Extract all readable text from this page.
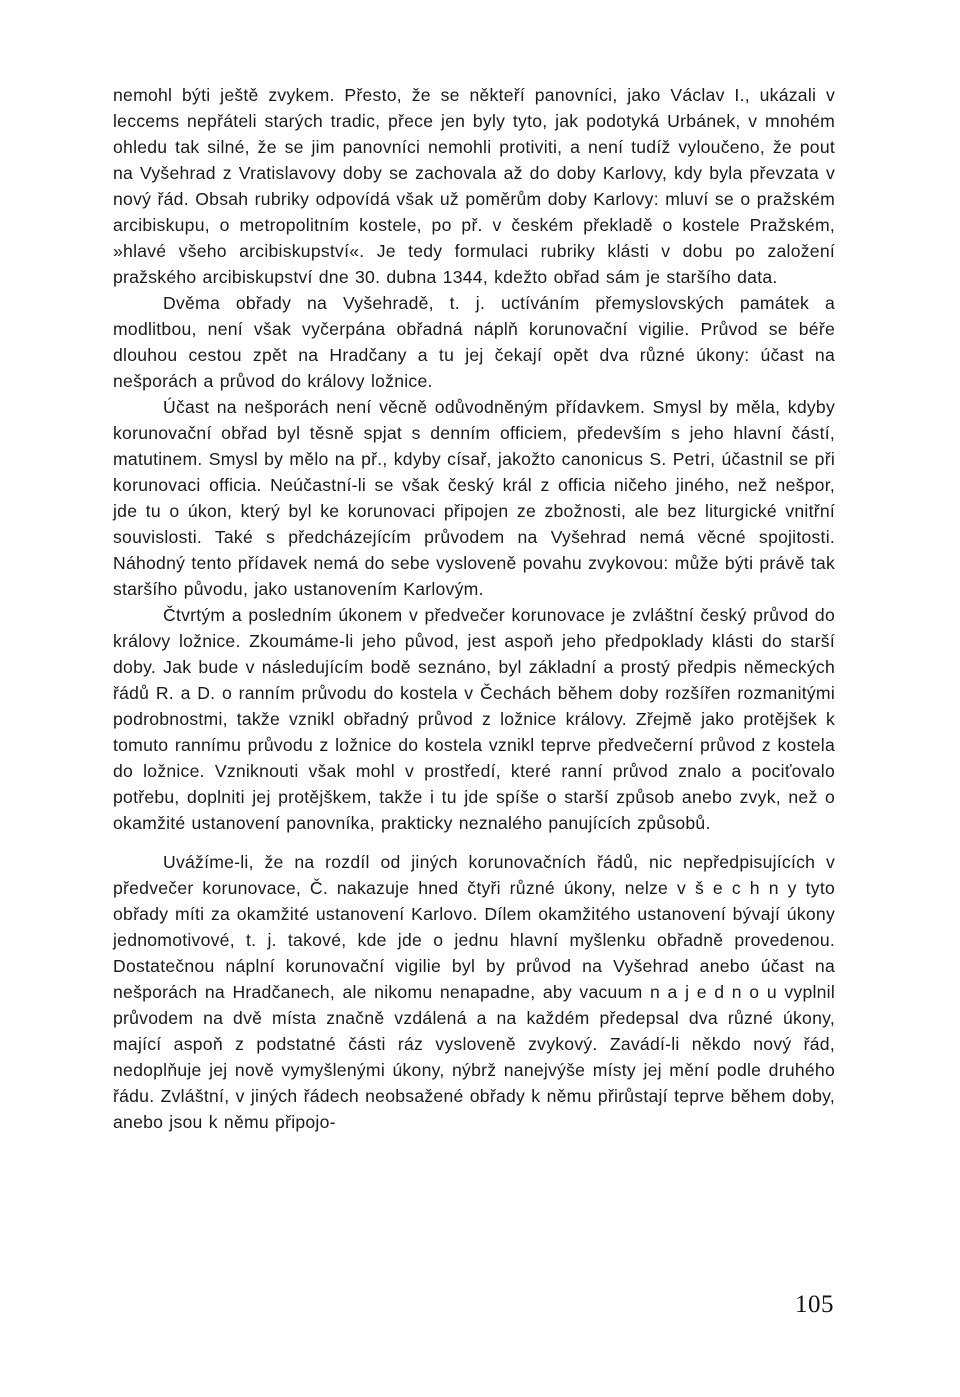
nemohl býti ještě zvykem. Přesto, že se někteří panovníci, jako Václav I., ukázali v leccems nepřáteli starých tradic, přece jen byly tyto, jak podotyká Urbánek, v mnohém ohledu tak silné, že se jim panovníci nemohli protiviti, a není tudíž vyloučeno, že pout na Vyšehrad z Vratislavovy doby se zachovala až do doby Karlovy, kdy byla převzata v nový řád. Obsah rubriky odpovídá však už poměrům doby Karlovy: mluví se o pražském arcibiskupu, o metropolitním kostele, po př. v českém překladě o kostele Pražském, »hlavé všeho arcibiskupství«. Je tedy formulaci rubriky klásti v dobu po založení pražského arcibiskupství dne 30. dubna 1344, kdežto obřad sám je staršího data.

Dvěma obřady na Vyšehradě, t. j. uctíváním přemyslovských památek a modlitbou, není však vyčerpána obřadná náplň korunovační vigilie. Průvod se béře dlouhou cestou zpět na Hradčany a tu jej čekají opět dva různé úkony: účast na nešporách a průvod do královy ložnice.

Účast na nešporách není věcně odůvodněným přídavkem. Smysl by měla, kdyby korunovační obřad byl těsně spjat s denním officiem, především s jeho hlavní částí, matutinem. Smysl by mělo na př., kdyby císař, jakožto canonicus S. Petri, účastnil se při korunovaci officia. Neúčastní-li se však český král z officia ničeho jiného, než nešpor, jde tu o úkon, který byl ke korunovaci připojen ze zbožnosti, ale bez liturgické vnitřní souvislosti. Také s předcházejícím průvodem na Vyšehrad nemá věcné spojitosti. Náhodný tento přídavek nemá do sebe vysloveně povahu zvykovou: může býti právě tak staršího původu, jako ustanovením Karlovým.

Čtvrtým a posledním úkonem v předvečer korunovace je zvláštní český průvod do královy ložnice. Zkoumáme-li jeho původ, jest aspoň jeho předpoklady klásti do starší doby. Jak bude v následujícím bodě seznáno, byl základní a prostý předpis německých řádů R. a D. o ranním průvodu do kostela v Čechách během doby rozšířen rozmanitými podrobnostmi, takže vznikl obřadný průvod z ložnice královy. Zřejmě jako protějšek k tomuto rannímu průvodu z ložnice do kostela vznikl teprve předvečerní průvod z kostela do ložnice. Vzniknouti však mohl v prostředí, které ranní průvod znalo a pociťovalo potřebu, doplniti jej protějškem, takže i tu jde spíše o starší způsob anebo zvyk, než o okamžité ustanovení panovníka, prakticky neznalého panujících způsobů.

Uvážíme-li, že na rozdíl od jiných korunovačních řádů, nic nepředpisujících v předvečer korunovace, Č. nakazuje hned čtyři různé úkony, nelze v š e c h n y tyto obřady míti za okamžité ustanovení Karlovo. Dílem okamžitého ustanovení bývají úkony jednomotivové, t. j. takové, kde jde o jednu hlavní myšlenku obřadně provedenou. Dostatečnou náplní korunovační vigilie byl by průvod na Vyšehrad anebo účast na nešporách na Hradčanech, ale nikomu nenapadne, aby vacuum n a j e d n o u vyplnil průvodem na dvě místa značně vzdálená a na každém předepsal dva různé úkony, mající aspoň z podstatné části ráz vysloveně zvykový. Zavádí-li někdo nový řád, nedoplňuje jej nově vymyšlenými úkony, nýbrž nanejvýše místy jej mění podle druhého řádu. Zvláštní, v jiných řádech neobsažené obřady k němu přirůstají teprve během doby, anebo jsou k němu připojo-

105
